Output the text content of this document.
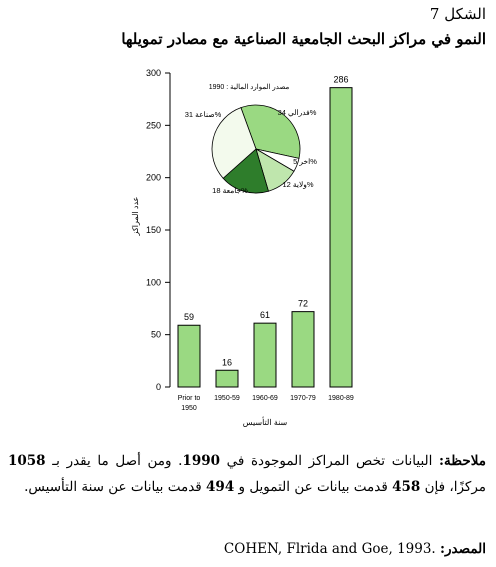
الشكل 7
النمو في مراكز البحث الجامعية الصناعية مع مصادر تمويلها
0
50
100
150
200
250
300
عدد المراكز
سنة التأسيس
59
Prior to
1950
16
1950-59
61
1960-69
72
1970-79
286
1980-89
مصدر الموارد المالية : 1990
فدرالي 34%
اخر 5%
ولاية 12%
جامعة 18%
صناعة 31%
ملاحظة: البيانات تخص المراكز الموجودة في 1990. ومن أصل ما يقدر بـ 1058 مركزًا، فإن 458 قدمت بيانات عن التمويل و 494 قدمت بيانات عن سنة التأسيس.
المصدر: COHEN, Flrida and Goe, 1993.
